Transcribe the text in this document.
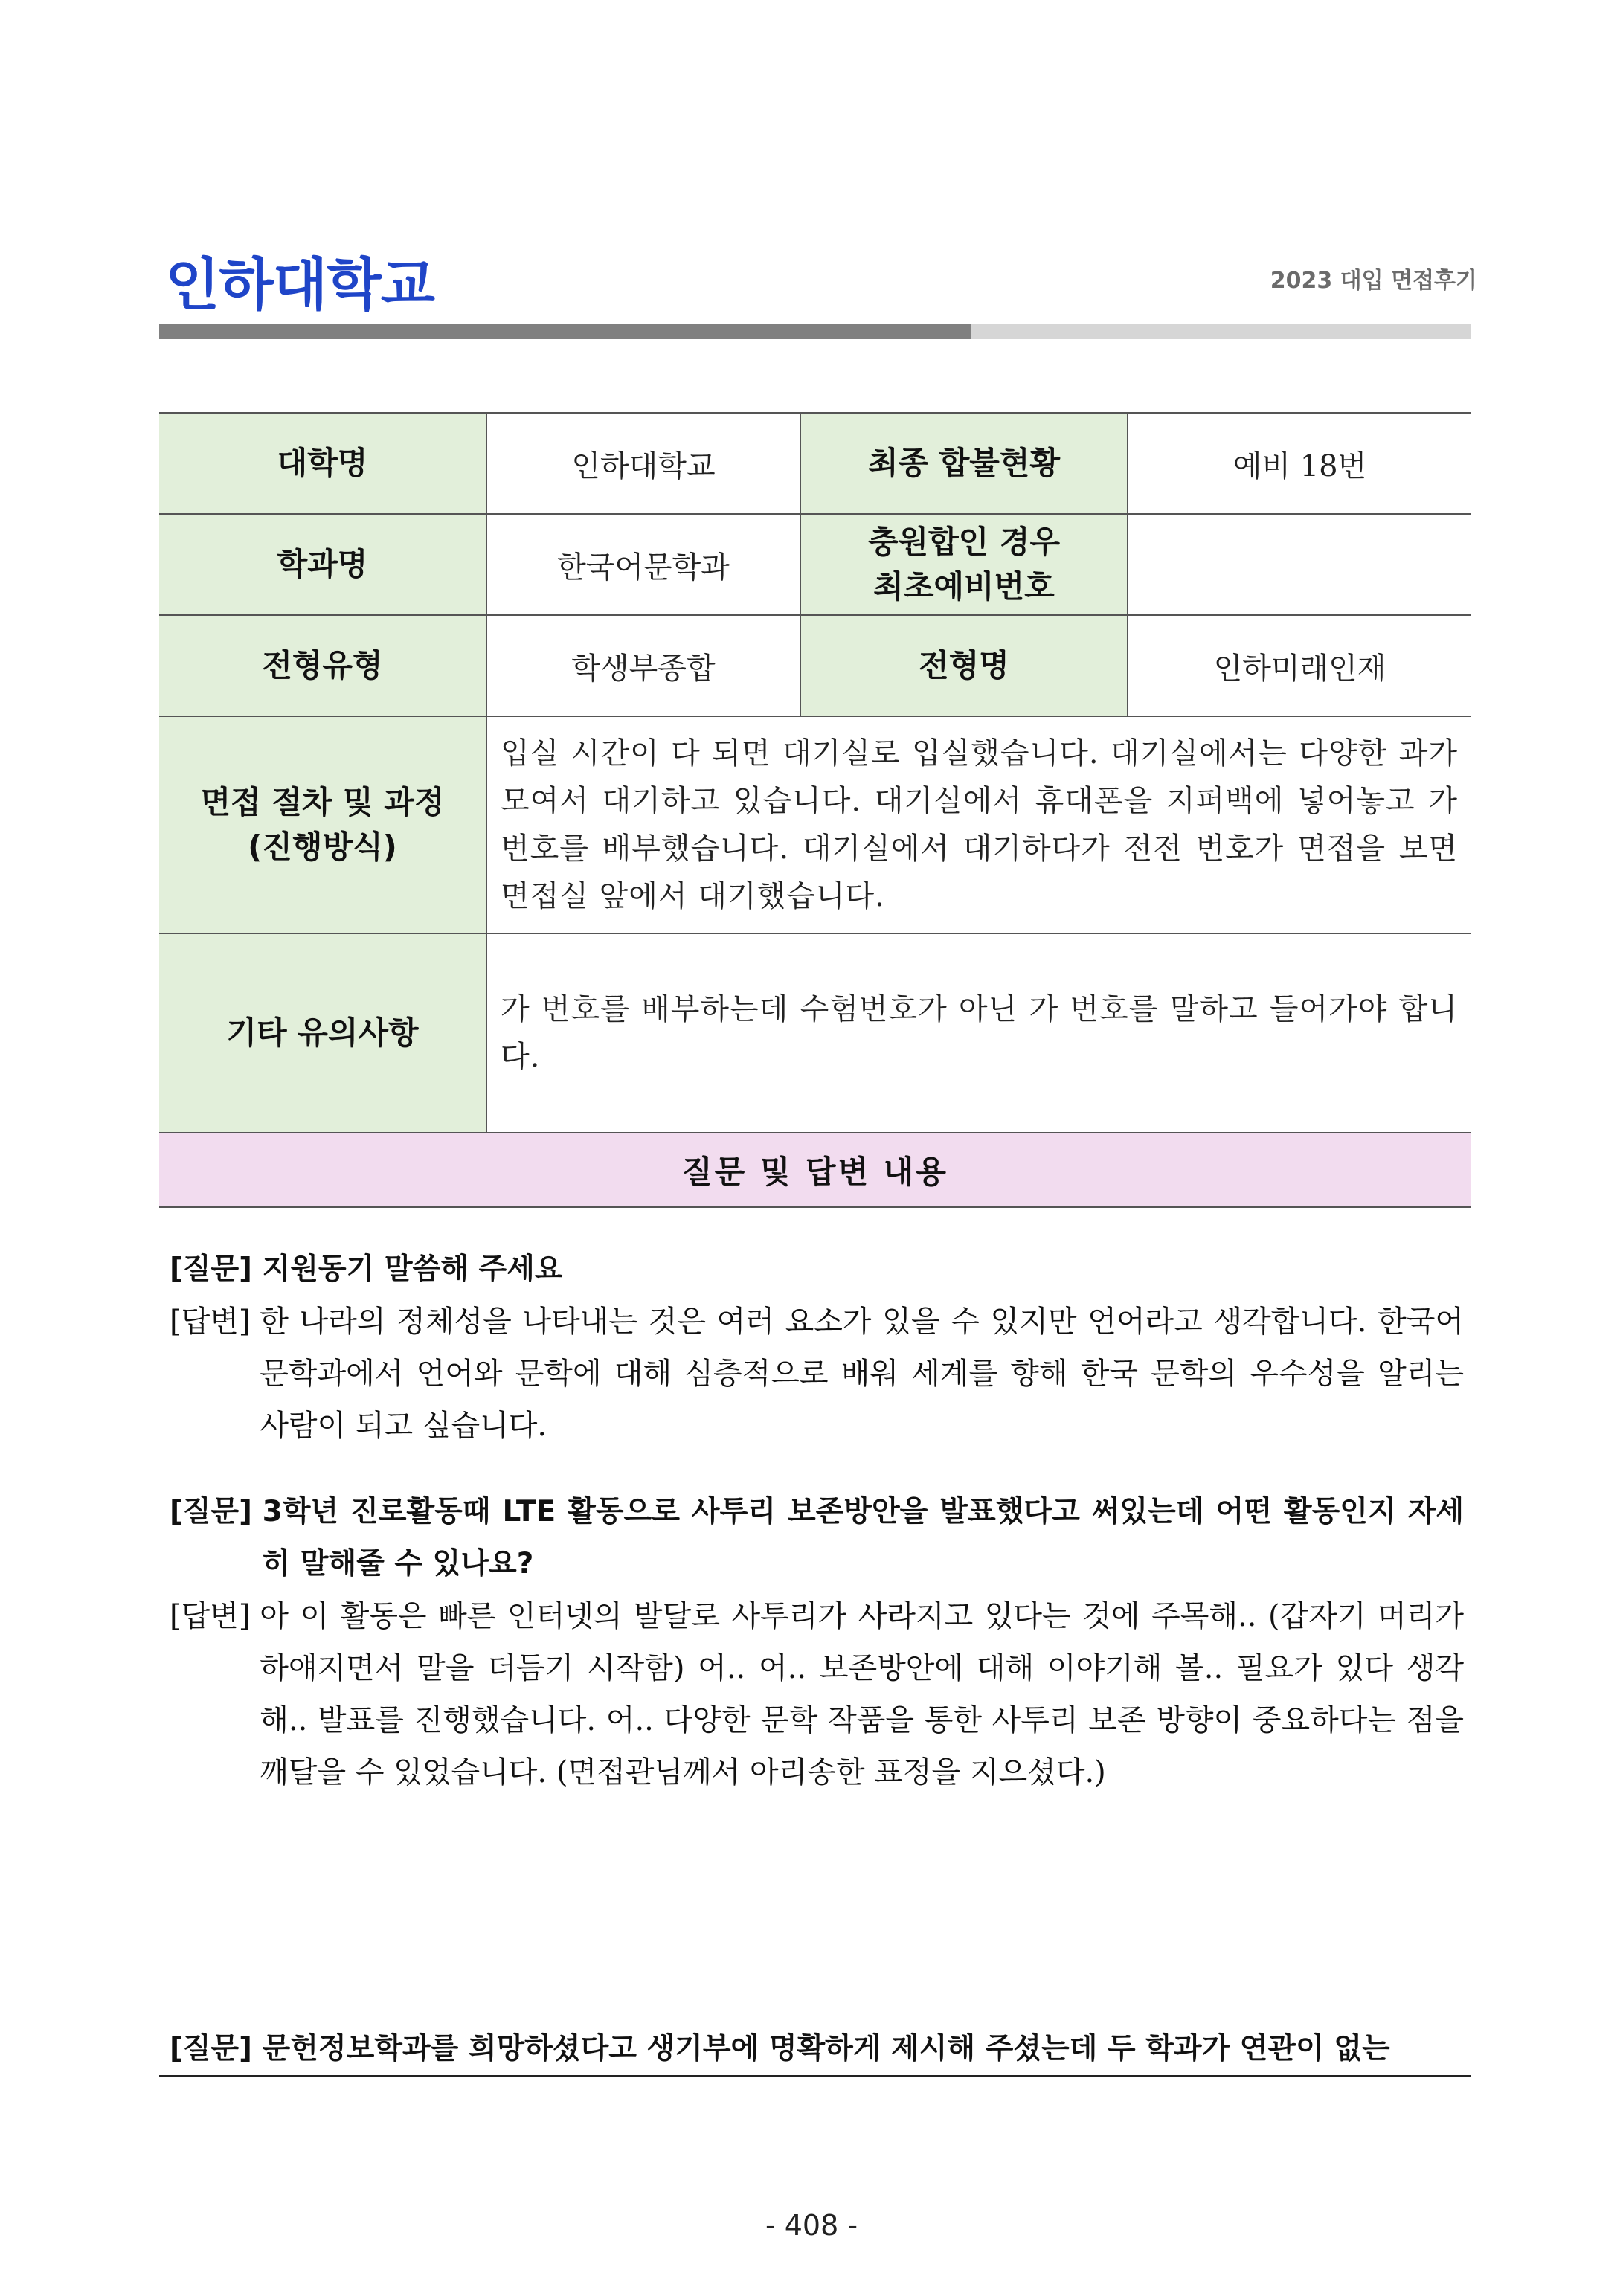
인하대학교	2023 대입 면접후기
대학명	인하대학교	최종 합불현황	예비 18번
학과명	한국어문학과	충원합인 경우
최초예비번호	

전형유형	학생부종합	전형명	인하미래인재

면접 절차 및 과정
(진행방식)	입실 시간이 다 되면 대기실로 입실했습니다. 대기실에서는 다양한 과가 모여서 대기하고 있습니다. 대기실에서 휴대폰을 지퍼백에 넣어놓고 가번호를 배부했습니다. 대기실에서 대기하다가 전전 번호가 면접을 보면 면접실 앞에서 대기했습니다.		
기타 유의사항	가 번호를 배부하는데 수험번호가 아닌 가 번호를 말하고 들어가야 합니다.		
질문 및 답변 내용			
[질문] 지원동기 말씀해 주세요
[답변] 한 나라의 정체성을 나타내는 것은 여러 요소가 있을 수 있지만 언어라고 생각합니다. 한국어문학과에서 언어와 문학에 대해 심층적으로 배워 세계를 향해 한국 문학의 우수성을 알리는 사람이 되고 싶습니다.
[질문] 3학년 진로활동때 LTE 활동으로 사투리 보존방안을 발표했다고 써있는데 어떤 활동인지 자세히 말해줄 수 있나요?
[답변] 아 이 활동은 빠른 인터넷의 발달로 사투리가 사라지고 있다는 것에 주목해.. (갑자기 머리가 하얘지면서 말을 더듬기 시작함) 어.. 어.. 보존방안에 대해 이야기해 볼.. 필요가 있다 생각해.. 발표를 진행했습니다. 어.. 다양한 문학 작품을 통한 사투리 보존 방향이 중요하다는 점을 깨달을 수 있었습니다. (면접관님께서 아리송한 표정을 지으셨다.)
[질문] 문헌정보학과를 희망하셨다고 생기부에 명확하게 제시해 주셨는데 두 학과가 연관이 없는
- 408 -
